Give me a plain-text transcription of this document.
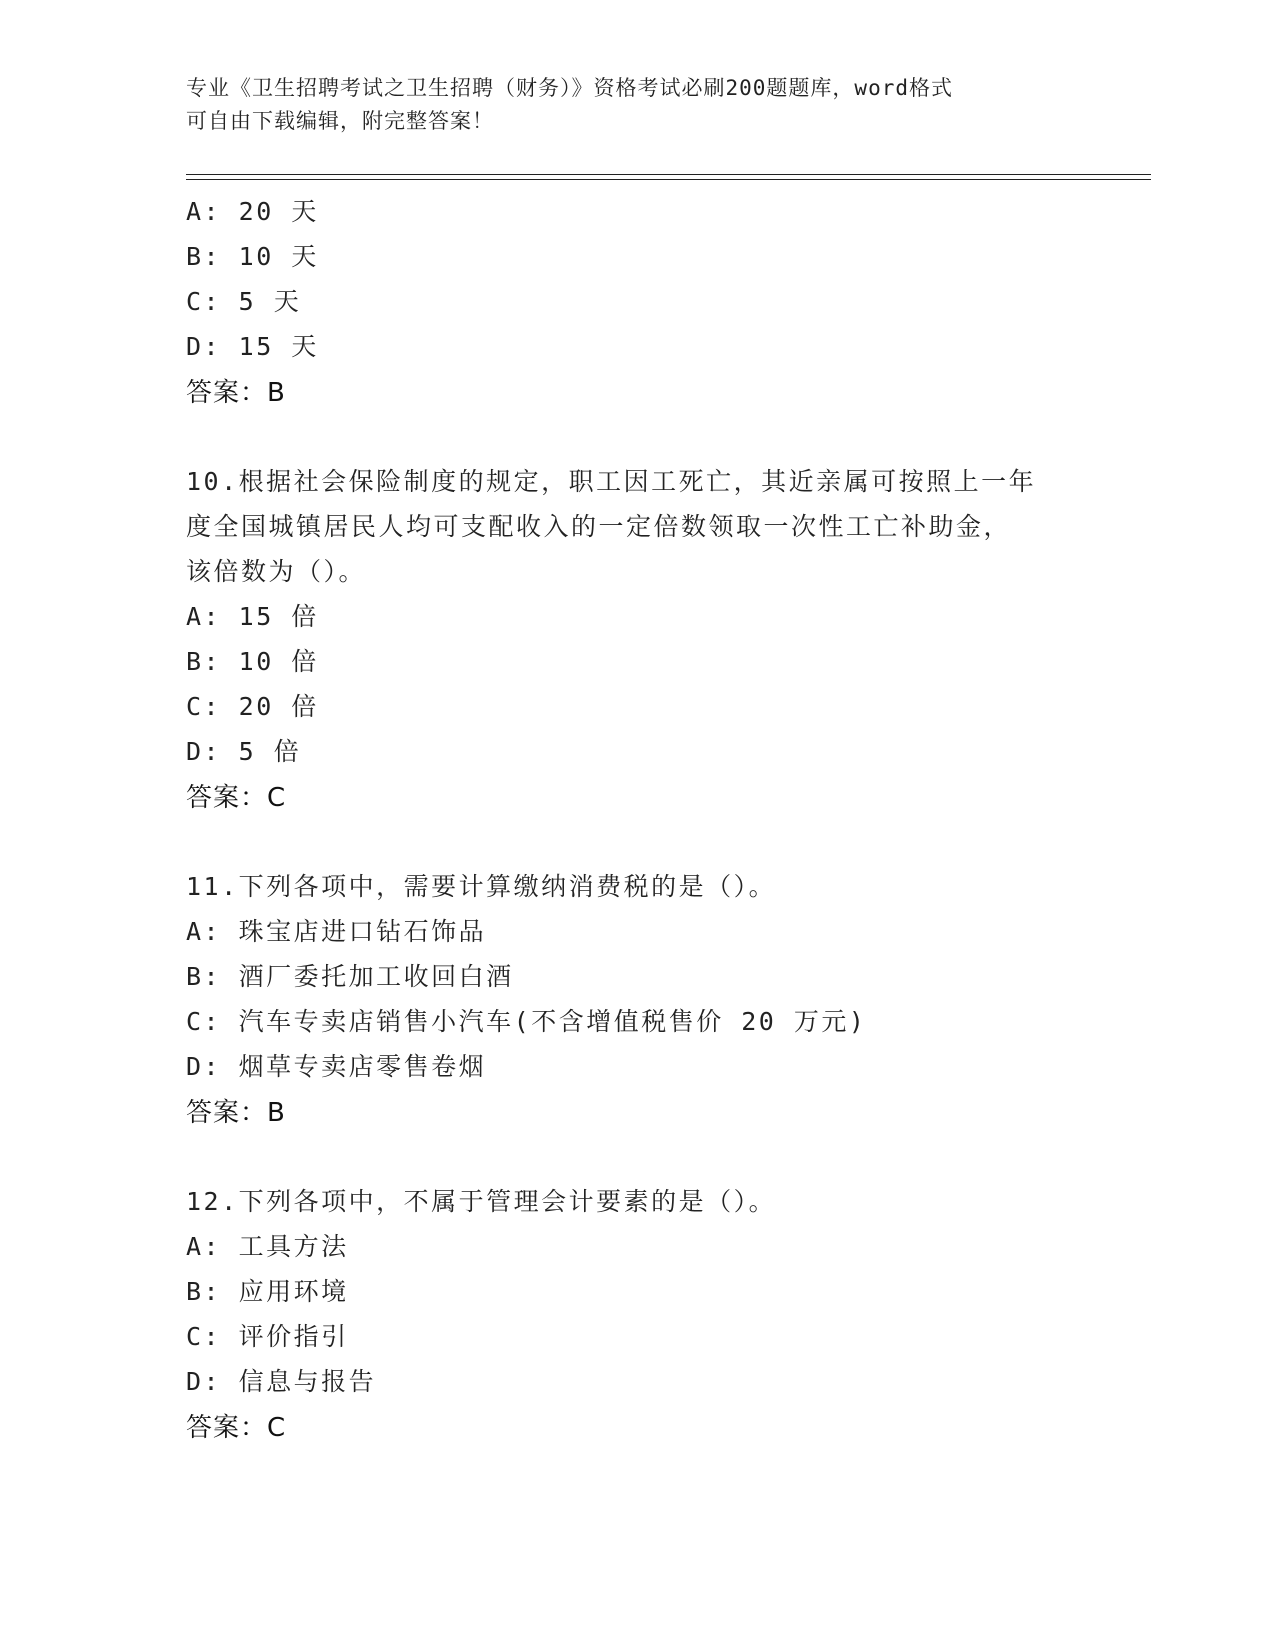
专业《卫生招聘考试之卫生招聘（财务）》资格考试必刷200题题库，word格式
可自由下载编辑，附完整答案！
A: 20 天
B: 10 天
C: 5 天
D: 15 天
答案：B
10.根据社会保险制度的规定，职工因工死亡，其近亲属可按照上一年
度全国城镇居民人均可支配收入的一定倍数领取一次性工亡补助金，
该倍数为（）。
A: 15 倍
B: 10 倍
C: 20 倍
D: 5 倍
答案：C
11.下列各项中，需要计算缴纳消费税的是（）。
A: 珠宝店进口钻石饰品
B: 酒厂委托加工收回白酒
C: 汽车专卖店销售小汽车(不含增值税售价 20 万元)
D: 烟草专卖店零售卷烟
答案：B
12.下列各项中，不属于管理会计要素的是（）。
A: 工具方法
B: 应用环境
C: 评价指引
D: 信息与报告
答案：C
